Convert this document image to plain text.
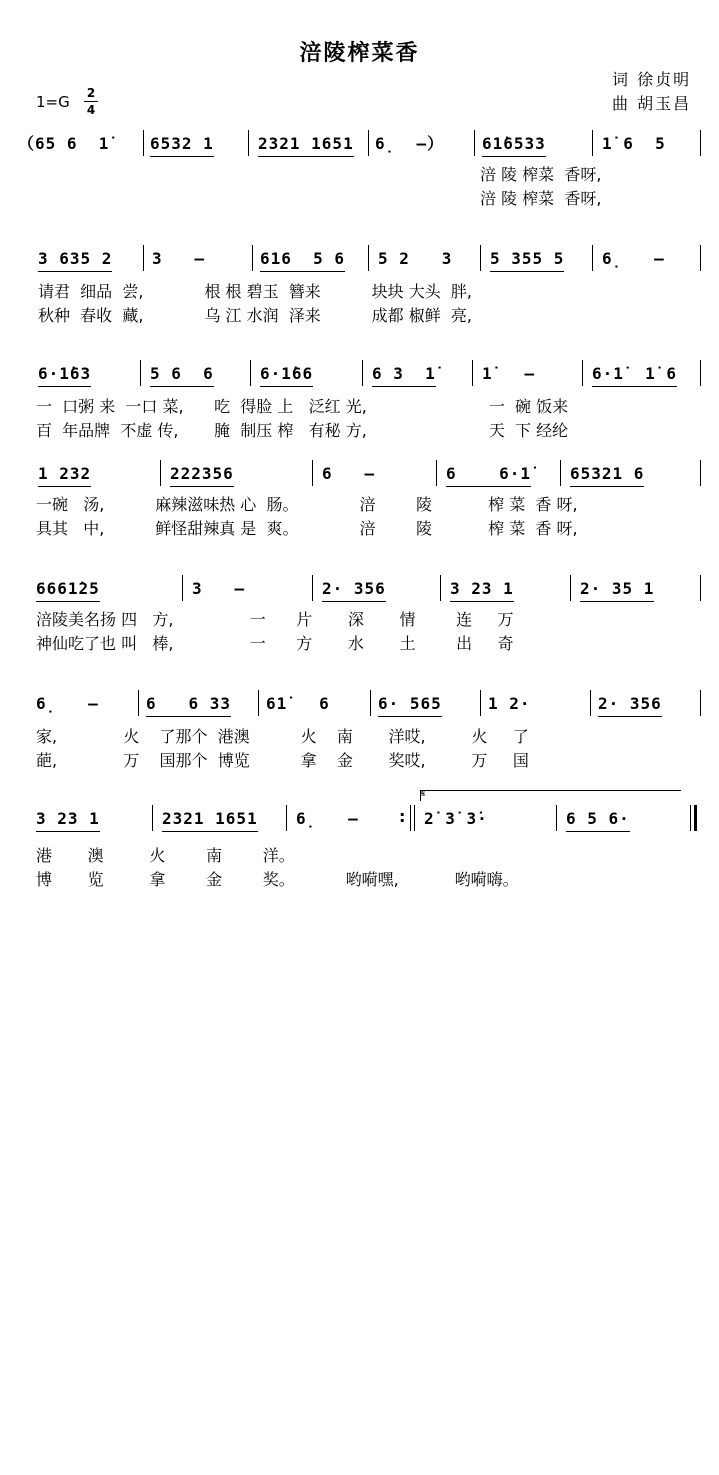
涪陵榨菜香
词 徐贞明
曲 胡玉昌
1=G 2
4
（65 6  1̇	6532 1	2321 1651 6̣  –） 61̇6533	1̇ 6  5
涪 陵 榨菜  香呀,
涪 陵 榨菜  香呀,
3 635 2 3   –	616  5 6 5 2   3 5 355 5 6̣   –
请君  细品  尝,            根 根 碧玉  簪来          块块 大头  胖,
秋种  春收  藏,            乌 江 水润  泽来          成都 椒鲜  亮,
6·1̇63	5 6  6	6·1̇66	6 3  1̇	1̇   –	6·1̇  1̇ 6
一  口粥 来  一口 菜,      吃  得脸 上   泛红 光,                        一  碗 饭来
百  年品牌  不虚 传,       腌  制压 榨   有秘 方,                        天  下 经纶
1 232	222356	6   –	6    6·1̇ 65321 6
一碗   汤,          麻辣滋味热 心  肠。            涪        陵           榨 菜  香 呀,
具其   中,          鲜怪甜辣真 是  爽。            涪        陵           榨 菜  香 呀,
6661̇25	3   –	2· 356	3 23 1	2· 35 1
涪陵美名扬 四   方,               一      片       深       情        连     万
神仙吃了也 叫   棒,               一      方       水       土        出     奇
6̣   –	6   6 33 61̇   6	6· 565	1 2·	2· 356
家,             火    了那个  港澳          火    南       洋哎,         火     了
葩,             万    国那个  博览          拿    金       奖哎,         万     国
𝄋
3 23 1	2321 1651 6̣   –
:	2̇ 3̇ 3̇·	6 5 6·
港       澳         火        南        洋。
博       览         拿        金        奖。          哟嗬嘿,           哟嗬嗨。
